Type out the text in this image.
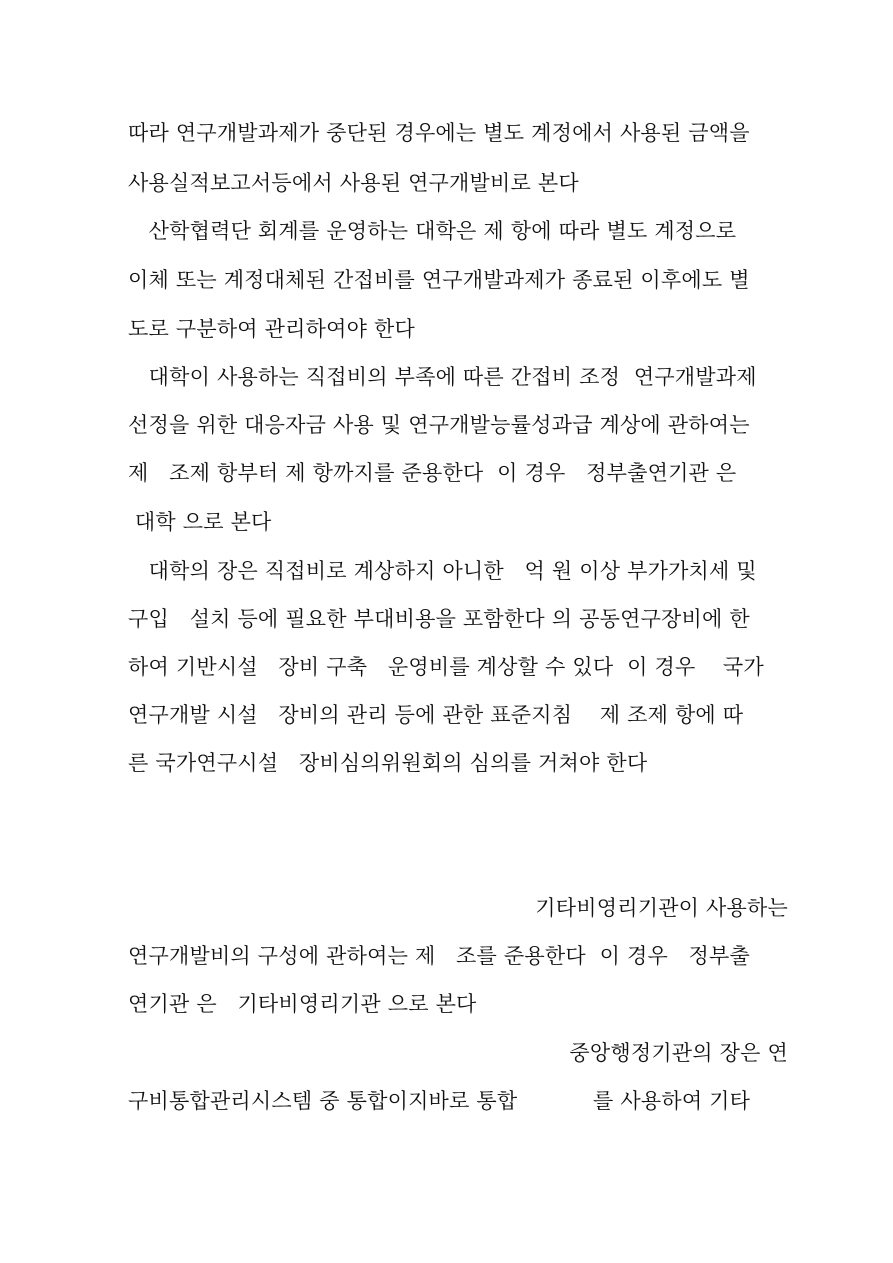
따라 연구개발과제가 중단된 경우에는 별도 계정에서 사용된 금액을
사용실적보고서등에서 사용된 연구개발비로 본다
산학협력단 회계를 운영하는 대학은 제 항에 따라 별도 계정으로
이체 또는 계정대체된 간접비를 연구개발과제가 종료된 이후에도 별
도로 구분하여 관리하여야 한다
대학이 사용하는 직접비의 부족에 따른 간접비 조정  연구개발과제
선정을 위한 대응자금 사용 및 연구개발능률성과급 계상에 관하여는
제   조제 항부터 제 항까지를 준용한다  이 경우   정부출연기관 은
대학 으로 본다
대학의 장은 직접비로 계상하지 아니한   억 원 이상 부가가치세 및
구입   설치 등에 필요한 부대비용을 포함한다 의 공동연구장비에 한
하여 기반시설   장비 구축   운영비를 계상할 수 있다  이 경우    국가
연구개발 시설   장비의 관리 등에 관한 표준지침    제 조제 항에 따
른 국가연구시설   장비심의위원회의 심의를 거쳐야 한다
기타비영리기관이 사용하는
연구개발비의 구성에 관하여는 제   조를 준용한다  이 경우   정부출
연기관 은   기타비영리기관 으로 본다
중앙행정기관의 장은 연
구비통합관리시스템 중 통합이지바로 통합           를 사용하여 기타
